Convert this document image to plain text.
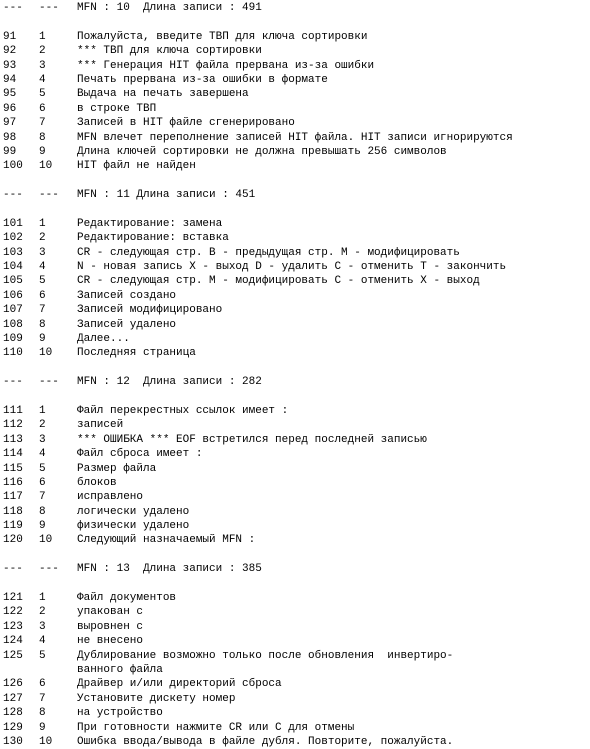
--- --- MFN : 10  Длина записи : 491
91 1	Пожалуйста, введите ТВП для ключа сортировки
92 2	*** ТВП для ключа сортировки
93 3	*** Генерация HIT файла прервана из-за ошибки
94 4	Печать прервана из-за ошибки в формате
95 5	Выдача на печать завершена
96 6	в строке ТВП
97 7	Записей в HIT файле сгенерировано
98 8	MFN влечет переполнение записей HIT файла. HIT записи игнорируются
99 9	Длина ключей сортировки не должна превышать 256 символов
100 10 HIT файл не найден
--- --- MFN : 11 Длина записи : 451
101 1	Редактирование: замена
102 2	Редактирование: вставка
103 3	CR - следующая стр. B - предыдущая стр. M - модифицировать
104 4	N - новая запись X - выход D - удалить C - отменить T - закончить
105 5	CR - следующая стр. M - модифицировать C - отменить X - выход
106 6	Записей создано
107 7	Записей модифицировано
108 8	Записей удалено
109 9	Далее...
110 10 Последняя страница
--- --- MFN : 12  Длина записи : 282
111 1	Файл перекрестных ссылок имеет :
112 2	записей
113 3	*** ОШИБКА *** EOF встретился перед последней записью
114 4	Файл сброса имеет :
115 5	Размер файла
116 6	блоков
117 7	исправлено
118 8	логически удалено
119 9	физически удалено
120 10 Следующий назначаемый MFN :
--- --- MFN : 13  Длина записи : 385
121 1	Файл документов
122 2	упакован с
123 3	выровнен с
124 4	не внесено
125 5	Дублирование возможно только после обновления  инвертиро-
ванного файла
126 6	Драйвер и/или директорий сброса
127 7	Установите дискету номер
128 8	на устройство
129 9	При готовности нажмите CR или C для отмены
130 10 Ошибка ввода/вывода в файле дубля. Повторите, пожалуйста.
